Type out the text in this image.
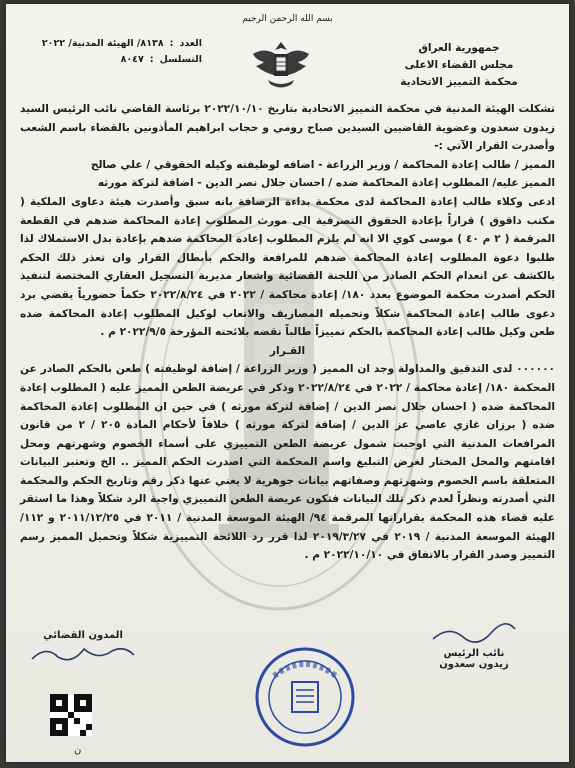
بسم الله الرحمن الرحيم
جمهورية العراق
مجلس القضاء الاعلى
محكمة التمييز الاتحادية
العدد
:
٨١٣٨/ الهيئة المدنية/ ٢٠٢٢
التسلسل
:
٨٠٤٧

تشكلت الهيئة المدنية في محكمة التمييز الاتحادية بتاريخ ٢٠٢٢/١٠/١٠ برئاسة القاضي نائب الرئيس السيد زيدون سعدون وعضوية القاضيين السيدين صباح رومي و حجاب ابراهيم المأذونين بالقضاء باسم الشعب وأصدرت القرار الآتي :-

المميز / طالب إعادة المحاكمة / وزير الزراعة - اضافه لوظيفته وكيله الحقوقي / علي صالح

المميز عليه/ المطلوب إعادة المحاكمة ضده / احسان جلال نصر الدين - اضافة لتركة مورثه

ادعى وكلاء طالب إعادة المحاكمة لدى محكمة بداءة الرصافة بانه سبق وأصدرت هيئة دعاوى الملكية ( مكتب داقوق ) قراراً بإعادة الحقوق التصرفية الى مورث المطلوب إعادة المحاكمة ضدهم في القطعة المرقمة ( ٢ م ٤٠ ) موسى كوي الا انه لم يلزم المطلوب إعادة المحاكمة ضدهم بإعادة بدل الاستملاك لذا طلبوا دعوة المطلوب إعادة المحاكمة ضدهم للمرافعة والحكم بأبطال القرار وان تعذر ذلك الحكم بالكشف عن انعدام الحكم الصادر من اللجنة القضائية واشعار مديرية التسجيل العقاري المختصة لتنفيذ الحكم أصدرت محكمة الموضوع بعدد ١٨٠/ إعادة محاكمة / ٢٠٢٢ في ٢٠٢٢/٨/٢٤ حكماً حضورياً يقضي برد دعوى طالب إعادة المحاكمة شكلاً وتحميله المصاريف والاتعاب لوكيل المطلوب إعادة المحاكمة ضده طعن وكيل طالب إعادة المحاكمة بالحكم تمييزاً طالباً نقضه بلائحته المؤرخة ٢٠٢٢/٩/٥ م .

القـرار

٠٠٠٠٠٠ لدى التدقيق والمداولة وجد ان المميز ( وزير الزراعة / إضافة لوظيفته ) طعن بالحكم الصادر عن المحكمة ١٨٠/ إعادة محاكمة / ٢٠٢٢ في ٢٠٢٢/٨/٢٤ وذكر في عريضة الطعن المميز عليه ( المطلوب إعادة المحاكمة ضده ( احسان جلال نصر الدين / إضافة لتركة مورثه ) في حين ان المطلوب إعادة المحاكمة ضده ( برزان غازي عاصي عز الدين / إضافة لتركة مورثه ) خلافاً لأحكام المادة ٢٠٥ / ٢ من قانون المرافعات المدنية التي اوجبت شمول عريضة الطعن التمييزي على أسماء الخصوم وشهرتهم ومحل اقامتهم والمحل المختار لغرض التبليغ واسم المحكمة التي اصدرت الحكم المميز .. الخ وتعتبر البيانات المتعلقة باسم الخصوم وشهرتهم وصفاتهم بيانات جوهرية لا يغني عنها ذكر رقم وتاريخ الحكم والمحكمة التي أصدرته ونظراً لعدم ذكر تلك البيانات فتكون عريضة الطعن التمييزي واجبة الرد شكلاً وهذا ما استقر عليه قضاء هذه المحكمة بقراراتها المرقمة ٩٤/ الهيئة الموسعة المدنية / ٢٠١١ في ٢٠١١/١٢/٢٥ و ١١٢/ الهيئة الموسعة المدنية / ٢٠١٩ في ٢٠١٩/٣/٢٧ لذا قرر رد اللائحة التمييزية شكلاً وتحميل المميز رسم التمييز وصدر القرار بالاتفاق في ٢٠٢٢/١٠/١٠ م .

نائب الرئيس
زيدون سعدون
المدون القضائي
ن
